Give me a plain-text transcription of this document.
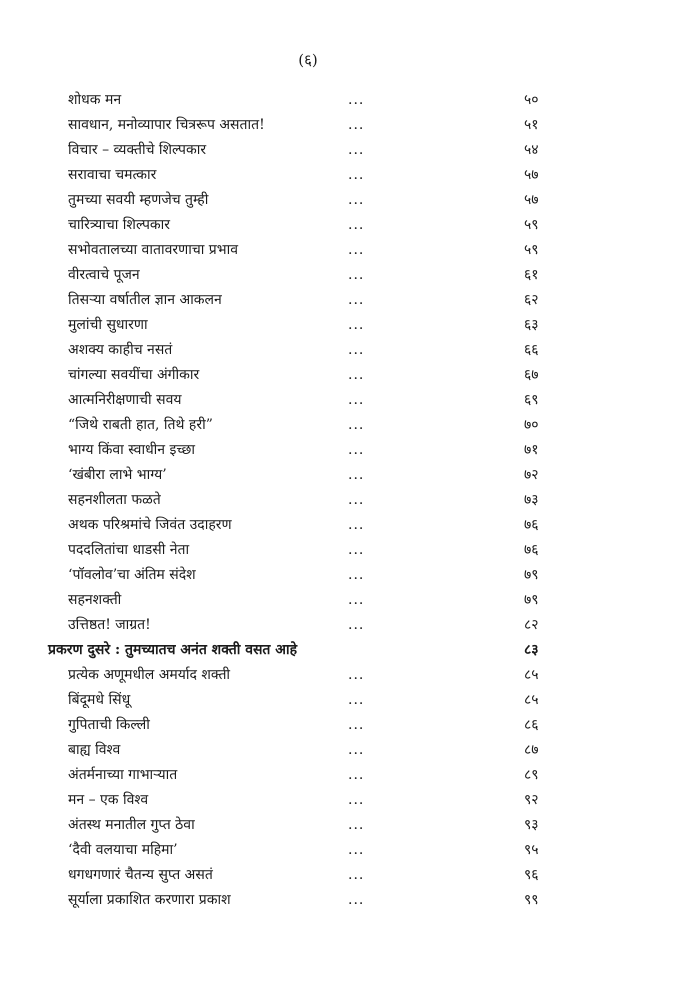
(६)
शोधक मन	...	५०
सावधान, मनोव्यापार चित्ररूप असतात!	...	५१
विचार – व्यक्तीचे शिल्पकार	...	५४
सरावाचा चमत्कार	...	५७
तुमच्या सवयी म्हणजेच तुम्ही	...	५७
चारित्र्याचा शिल्पकार	...	५९
सभोवतालच्या वातावरणाचा प्रभाव	...	५९
वीरत्वाचे पूजन	...	६१
तिसऱ्या वर्षातील ज्ञान आकलन	...	६२
मुलांची सुधारणा	...	६३
अशक्य काहीच नसतं	...	६६
चांगल्या सवयींचा अंगीकार	...	६७
आत्मनिरीक्षणाची सवय	...	६९
“जिथे राबती हात, तिथे हरी”	...	७०
भाग्य किंवा स्वाधीन इच्छा	...	७१
‘खंबीरा लाभे भाग्य’	...	७२
सहनशीलता फळते	...	७३
अथक परिश्रमांचे जिवंत उदाहरण	...	७६
पददलितांचा धाडसी नेता	...	७६
‘पॉवलोव’चा अंतिम संदेश	...	७९
सहनशक्ती	...	७९
उत्तिष्ठत! जाग्रत!	...	८२
प्रकरण दुसरे : तुमच्यातच अनंत शक्ती वसत आहे	८३
प्रत्येक अणूमधील अमर्याद शक्ती	...	८५
बिंदूमधे सिंधू	...	८५
गुपिताची किल्ली	...	८६
बाह्य विश्व	...	८७
अंतर्मनाच्या गाभाऱ्यात	...	८९
मन – एक विश्व	...	९२
अंतस्थ मनातील गुप्त ठेवा	...	९३
‘दैवी वलयाचा महिमा’	...	९५
धगधगणारं चैतन्य सुप्त असतं	...	९६
सूर्याला प्रकाशित करणारा प्रकाश	...	९९
